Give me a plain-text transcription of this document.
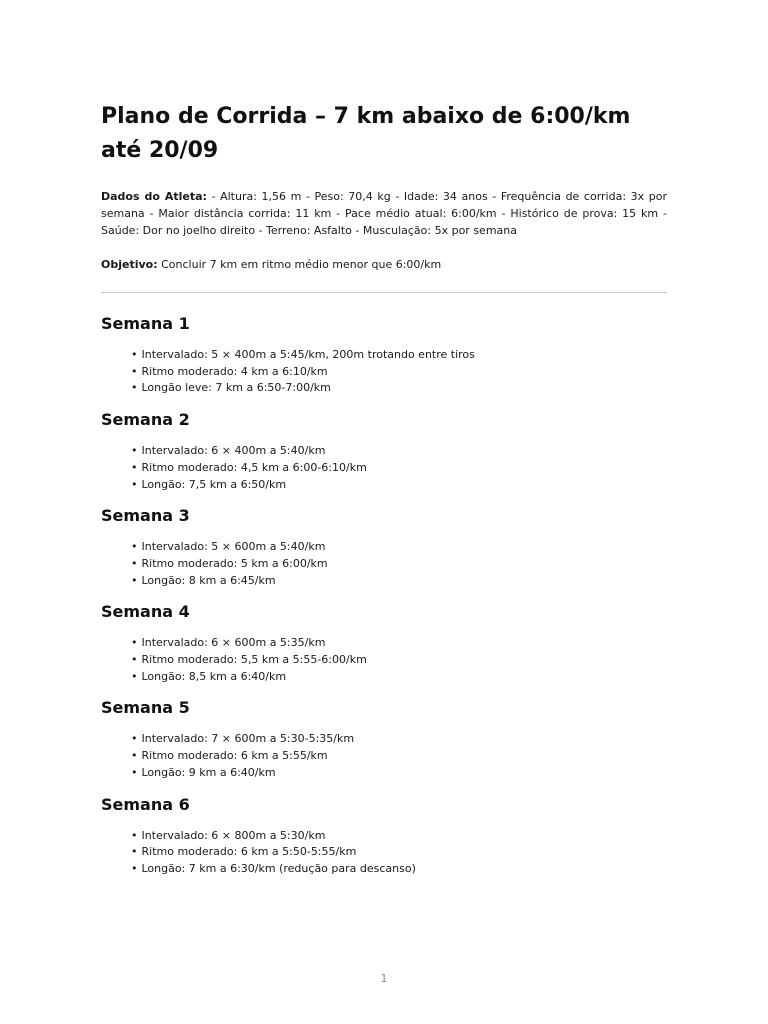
Plano de Corrida – 7 km abaixo de 6:00/km até 20/09

Dados do Atleta: - Altura: 1,56 m - Peso: 70,4 kg - Idade: 34 anos - Frequência de corrida: 3x por semana - Maior distância corrida: 11 km - Pace médio atual: 6:00/km - Histórico de prova: 15 km - Saúde: Dor no joelho direito - Terreno: Asfalto - Musculação: 5x por semana

Objetivo: Concluir 7 km em ritmo médio menor que 6:00/km

Semana 1
• Intervalado: 5 × 400m a 5:45/km, 200m trotando entre tiros
• Ritmo moderado: 4 km a 6:10/km
• Longão leve: 7 km a 6:50-7:00/km
Semana 2
• Intervalado: 6 × 400m a 5:40/km
• Ritmo moderado: 4,5 km a 6:00-6:10/km
• Longão: 7,5 km a 6:50/km
Semana 3
• Intervalado: 5 × 600m a 5:40/km
• Ritmo moderado: 5 km a 6:00/km
• Longão: 8 km a 6:45/km
Semana 4
• Intervalado: 6 × 600m a 5:35/km
• Ritmo moderado: 5,5 km a 5:55-6:00/km
• Longão: 8,5 km a 6:40/km
Semana 5
• Intervalado: 7 × 600m a 5:30-5:35/km
• Ritmo moderado: 6 km a 5:55/km
• Longão: 9 km a 6:40/km
Semana 6
• Intervalado: 6 × 800m a 5:30/km
• Ritmo moderado: 6 km a 5:50-5:55/km
• Longão: 7 km a 6:30/km (redução para descanso)
1
